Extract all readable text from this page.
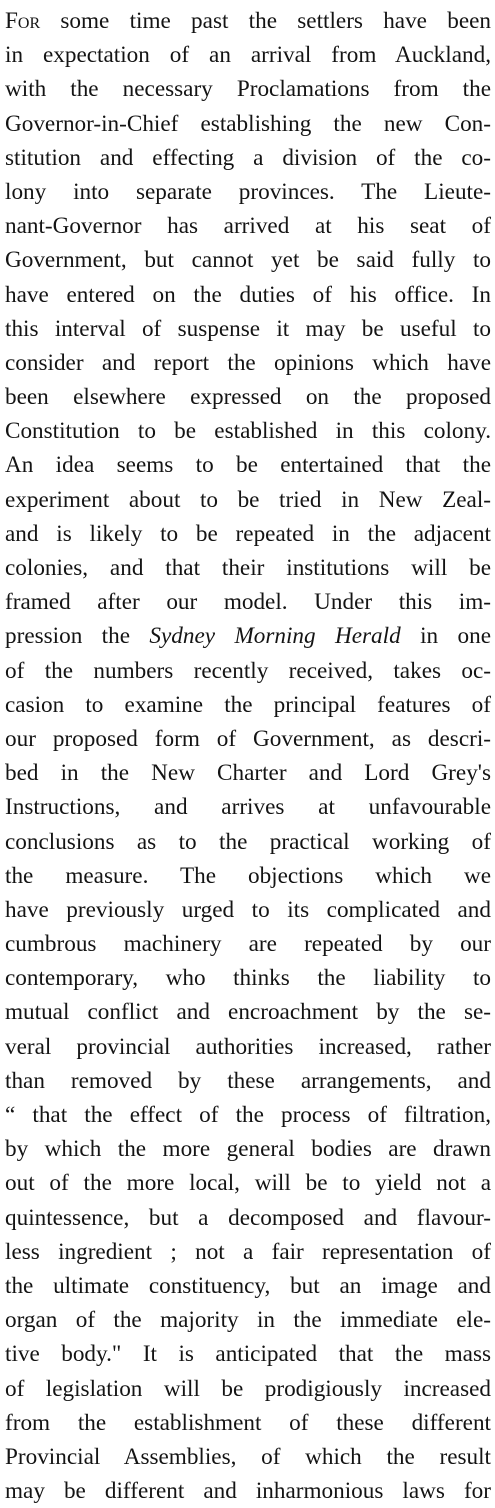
For some time past the settlers have been
in expectation of an arrival from Auckland,
with the necessary Proclamations from the
Governor-in-Chief establishing the new Con-
stitution and effecting a division of the co-
lony into separate provinces. The Lieute-
nant-Governor has arrived at his seat of
Government, but cannot yet be said fully to
have entered on the duties of his office. In
this interval of suspense it may be useful to
consider and report the opinions which have
been elsewhere expressed on the proposed
Constitution to be established in this colony.
An idea seems to be entertained that the
experiment about to be tried in New Zeal-
and is likely to be repeated in the adjacent
colonies, and that their institutions will be
framed after our model. Under this im-
pression the Sydney Morning Herald in one
of the numbers recently received, takes oc-
casion to examine the principal features of
our proposed form of Government, as descri-
bed in the New Charter and Lord Grey's
Instructions, and arrives at unfavourable
conclusions as to the practical working of
the measure. The objections which we
have previously urged to its complicated and
cumbrous machinery are repeated by our
contemporary, who thinks the liability to
mutual conflict and encroachment by the se-
veral provincial authorities increased, rather
than removed by these arrangements, and
“ that the effect of the process of filtration,
by which the more general bodies are drawn
out of the more local, will be to yield not a
quintessence, but a decomposed and flavour-
less ingredient ; not a fair representation of
the ultimate constituency, but an image and
organ of the majority in the immediate ele-
tive body." It is anticipated that the mass
of legislation will be prodigiously increased
from the establishment of these different
Provincial Assemblies, of which the result
may be different and inharmonious laws for
